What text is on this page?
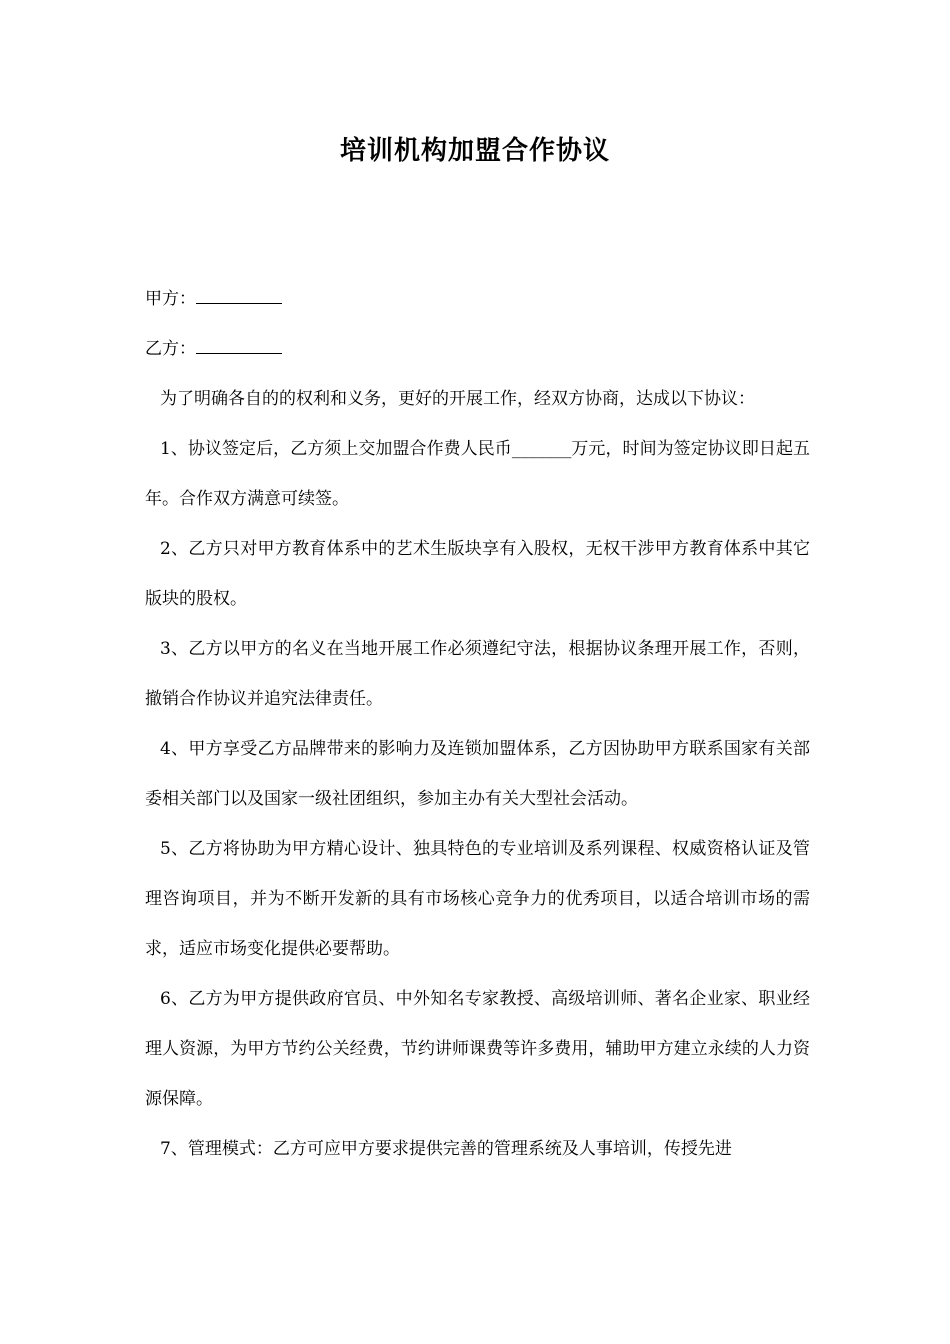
培训机构加盟合作协议

甲方：

乙方：

为了明确各自的的权利和义务，更好的开展工作，经双方协商，达成以下协议：

1、协议签定后，乙方须上交加盟合作费人民币_______万元，时间为签定协议即日起五年。合作双方满意可续签。

2、乙方只对甲方教育体系中的艺术生版块享有入股权，无权干涉甲方教育体系中其它版块的股权。

3、乙方以甲方的名义在当地开展工作必须遵纪守法，根据协议条理开展工作，否则，撤销合作协议并追究法律责任。

4、甲方享受乙方品牌带来的影响力及连锁加盟体系，乙方因协助甲方联系国家有关部委相关部门以及国家一级社团组织，参加主办有关大型社会活动。

5、乙方将协助为甲方精心设计、独具特色的专业培训及系列课程、权威资格认证及管理咨询项目，并为不断开发新的具有市场核心竞争力的优秀项目，以适合培训市场的需求，适应市场变化提供必要帮助。

6、乙方为甲方提供政府官员、中外知名专家教授、高级培训师、著名企业家、职业经理人资源，为甲方节约公关经费，节约讲师课费等许多费用，辅助甲方建立永续的人力资源保障。

7、管理模式：乙方可应甲方要求提供完善的管理系统及人事培训，传授先进
